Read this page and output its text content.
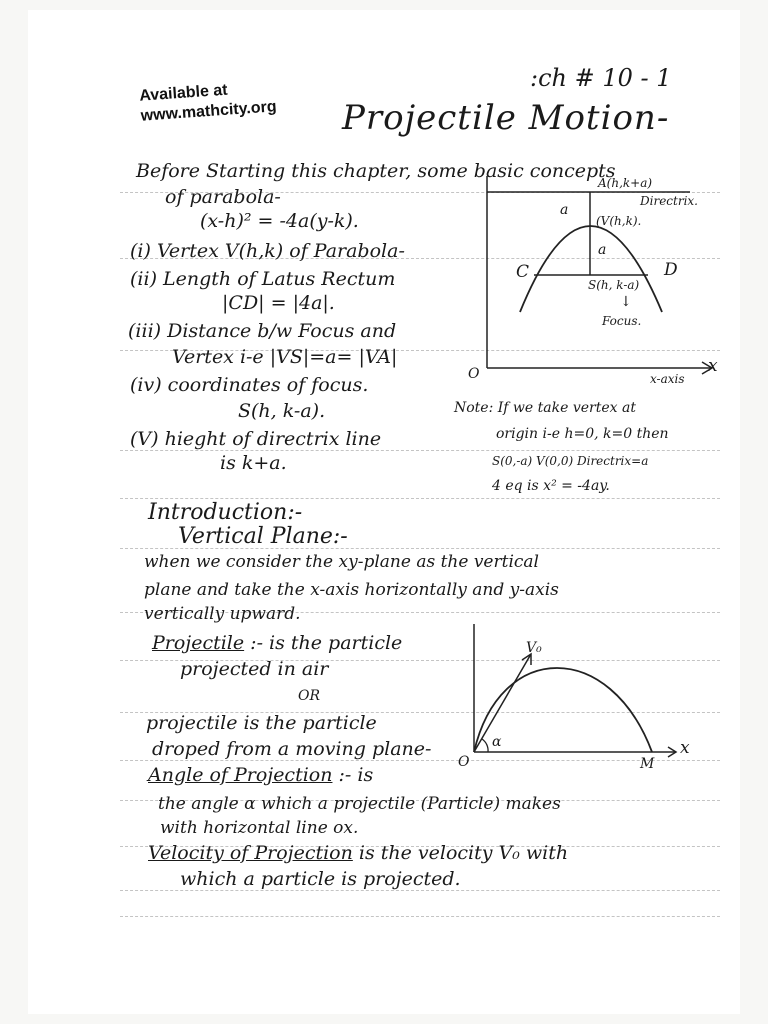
Available at
www.mathcity.org
:ch # 10 - 1
Projectile Motion-
Before Starting this chapter, some basic concepts
of parabola-
(x-h)² = -4a(y-k).
(i) Vertex V(h,k) of Parabola-
(ii) Length of Latus Rectum
|CD| = |4a|.
(iii) Distance b/w Focus and
Vertex i-e |VS|=a= |VA|
(iv) coordinates of focus.
S(h, k-a).
(V) hieght of directrix line
is k+a.
A(h,k+a)
Directrix.
a
(V(h,k).
a
C	D
S(h, k-a)
↓
Focus.
O	x-axis
x
Note: If we take vertex at
origin i-e h=0, k=0 then
S(0,-a) V(0,0) Directrix=a
4 eq is x² = -4ay.
Introduction:-
Vertical Plane:-
when we consider the xy-plane as the vertical
plane and take the x-axis horizontally and y-axis
vertically upward.
Projectile :- is the particle
projected in air
OR
projectile is the particle
droped from a moving plane-
V₀
α
O	M
x
Angle of Projection :- is
the angle α which a projectile (Particle) makes
with horizontal line ox.
Velocity of Projection is the velocity V₀ with
which a particle is projected.
